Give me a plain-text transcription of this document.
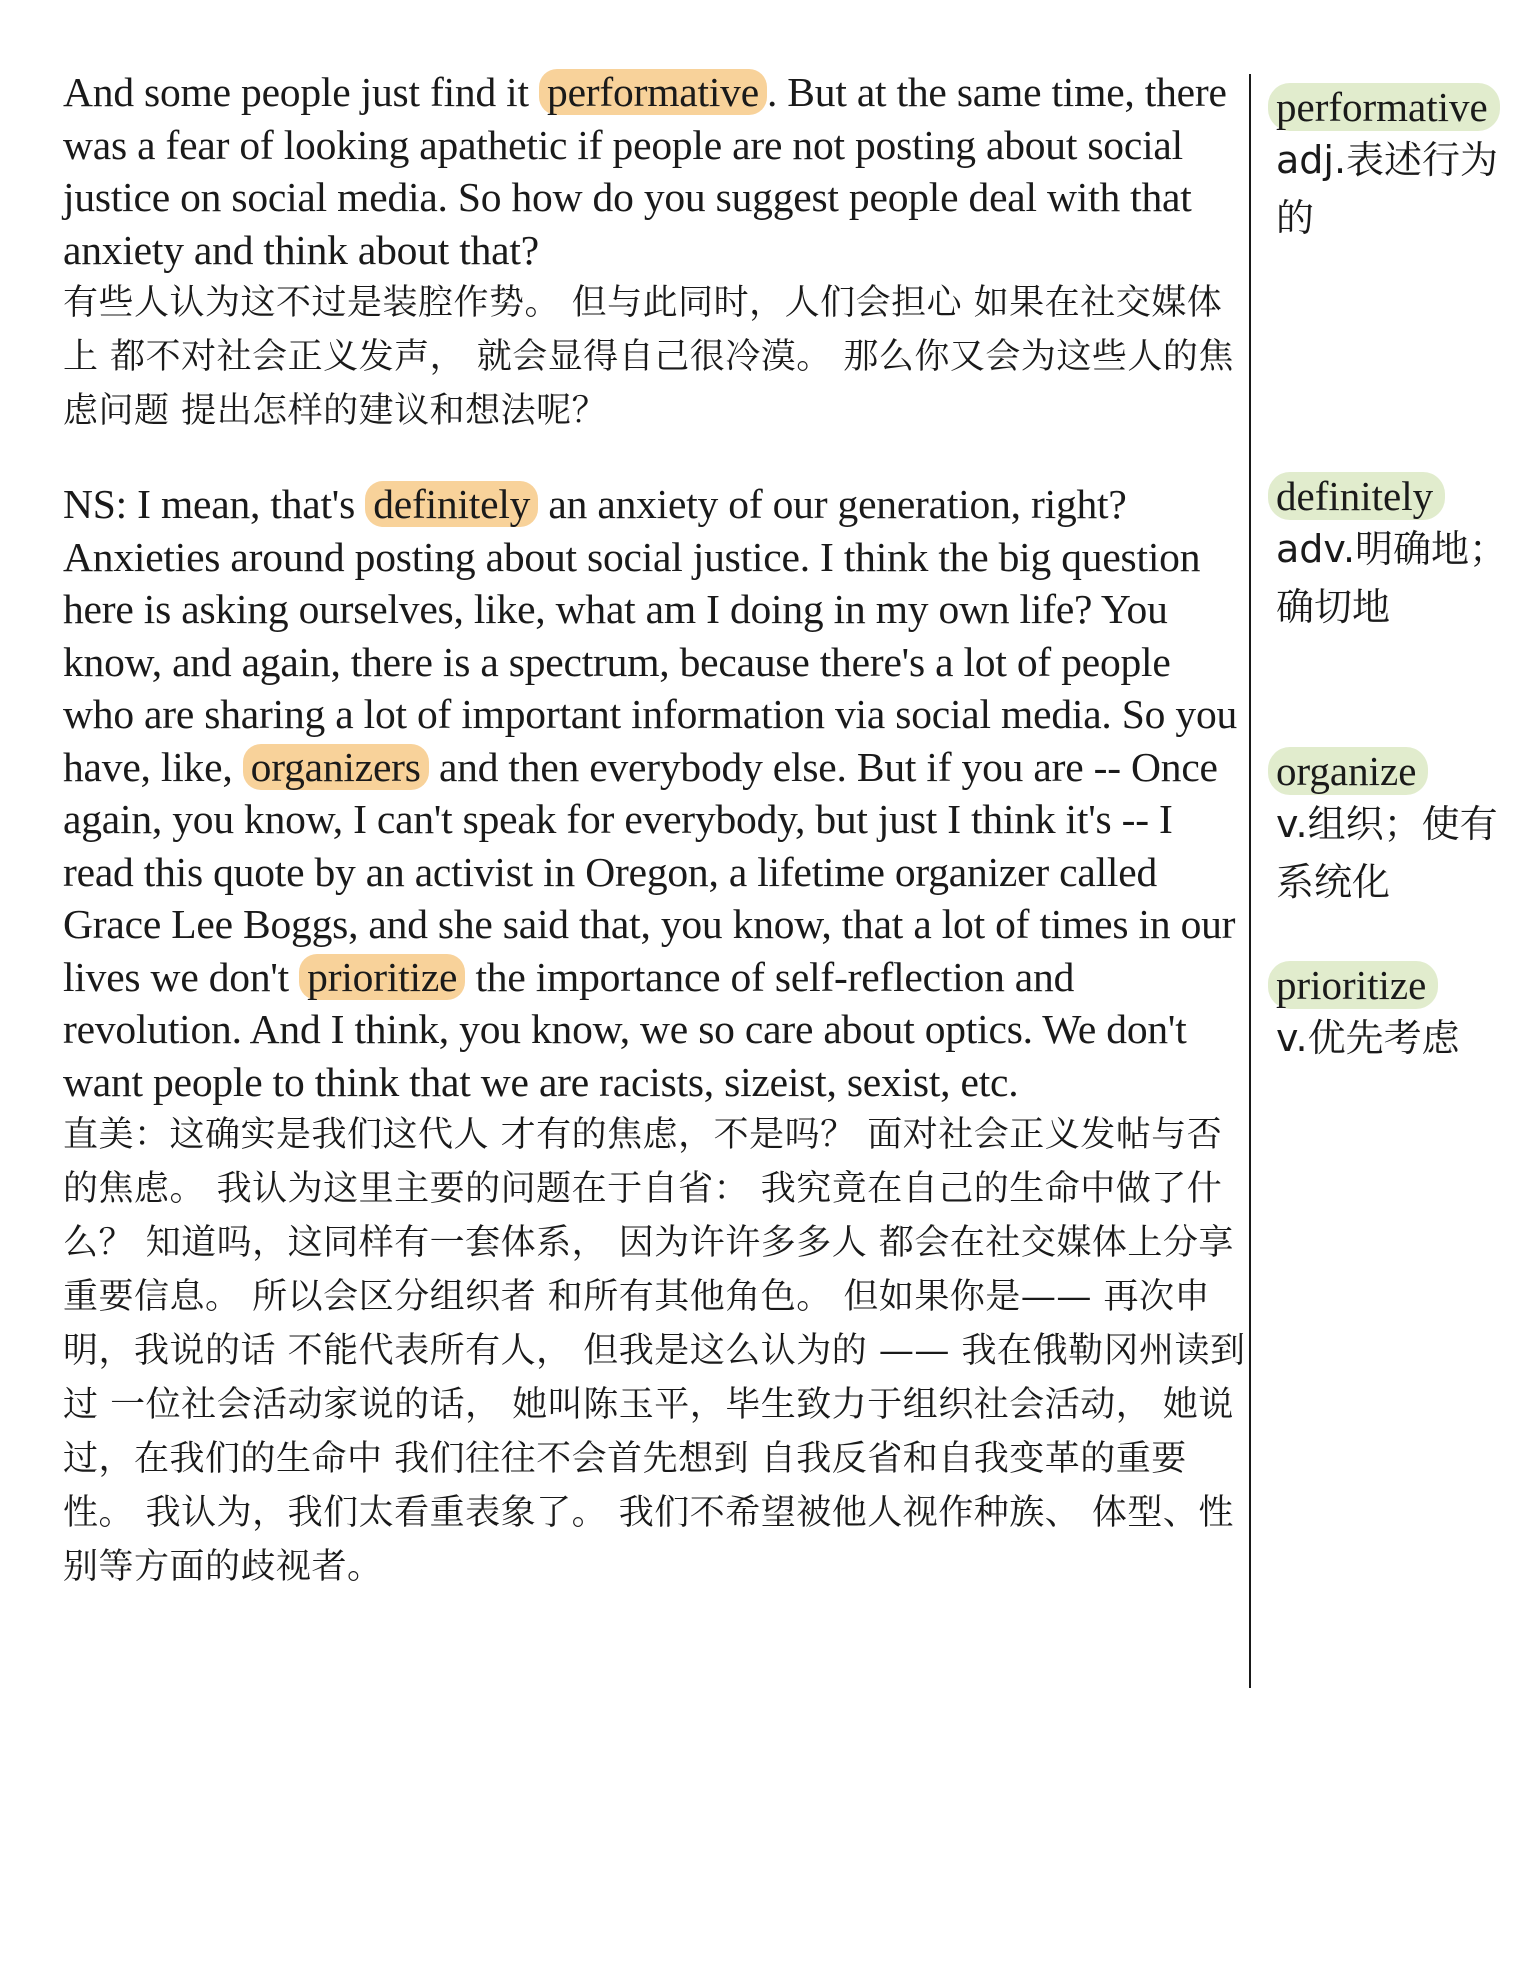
And some people just find it performative . But at the same time, there was a fear of looking apathetic if people are not posting about social justice on social media. So how do you suggest people deal with that anxiety and think about that?

有些人认为这不过是装腔作势。 但与此同时，人们会担心 如果在社交媒体上 都不对社会正义发声， 就会显得自己很冷漠。 那么你又会为这些人的焦虑问题 提出怎样的建议和想法呢？

NS: I mean, that's definitely an anxiety of our generation, right? Anxieties around posting about social justice. I think the big question here is asking ourselves, like, what am I doing in my own life? You know, and again, there is a spectrum, because there's a lot of people who are sharing a lot of important information via social media. So you have, like, organizers and then everybody else. But if you are -- Once again, you know, I can't speak for everybody, but just I think it's -- I read this quote by an activist in Oregon, a lifetime organizer called Grace Lee Boggs, and she said that, you know, that a lot of times in our lives we don't prioritize the importance of self-reflection and revolution. And I think, you know, we so care about optics. We don't want people to think that we are racists, sizeist, sexist, etc.

直美：这确实是我们这代人 才有的焦虑，不是吗？ 面对社会正义发帖与否的焦虑。 我认为这里主要的问题在于自省： 我究竟在自己的生命中做了什么？ 知道吗，这同样有一套体系， 因为许许多多人 都会在社交媒体上分享重要信息。 所以会区分组织者 和所有其他角色。 但如果你是—— 再次申明，我说的话 不能代表所有人， 但我是这么认为的 —— 我在俄勒冈州读到过 一位社会活动家说的话， 她叫陈玉平，毕生致力于组织社会活动， 她说过，在我们的生命中 我们往往不会首先想到 自我反省和自我变革的重要性。 我认为，我们太看重表象了。 我们不希望被他人视作种族、 体型、性别等方面的歧视者。

performative

adj.表述行为的

definitely

adv.明确地；确切地

organize

v.组织；使有系统化

prioritize

v.优先考虑
